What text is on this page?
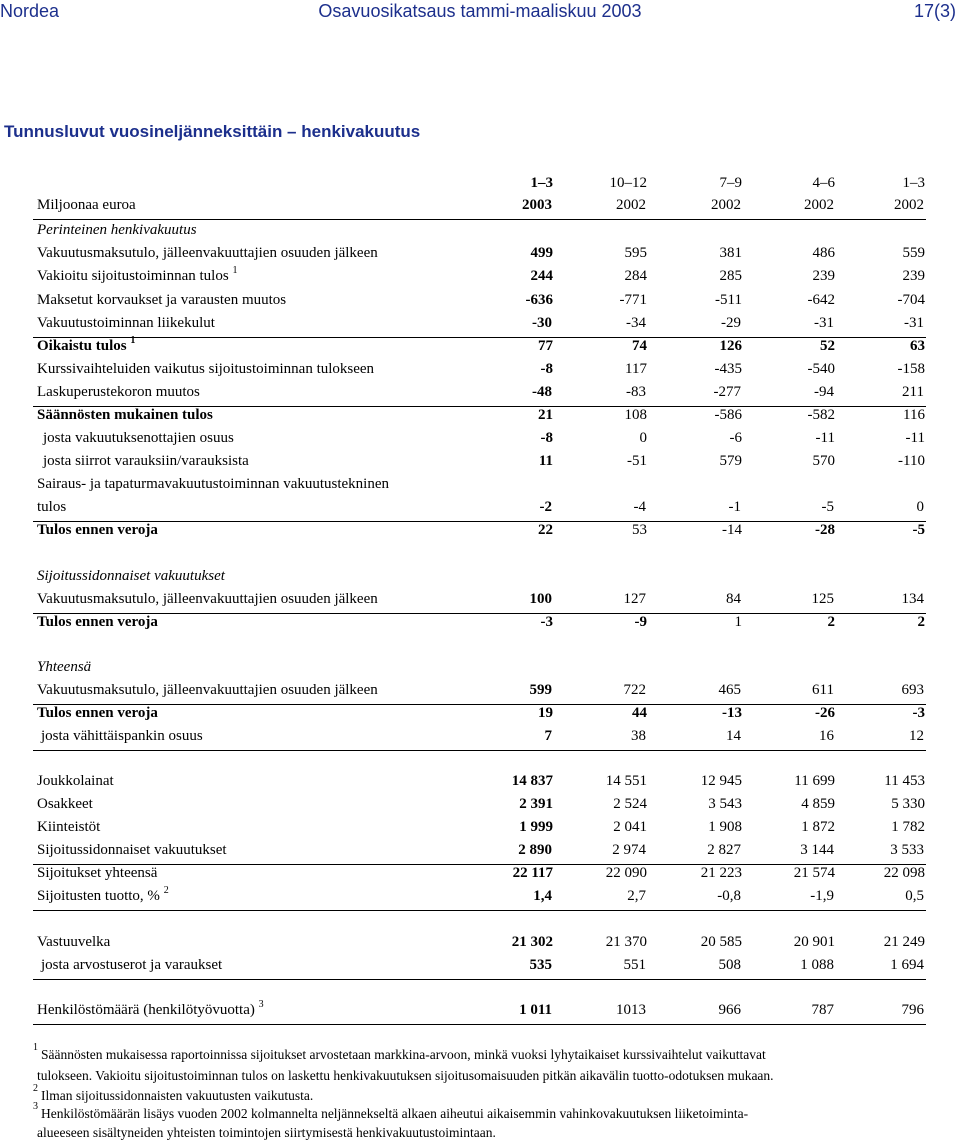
Nordea	Osavuosikatsaus tammi-maaliskuu 2003	17(3)
Tunnusluvut vuosineljänneksittäin – henkivakuutus
1–3	10–12	7–9	4–6	1–3
Miljoonaa euroa	2003	2002	2002	2002	2002
Perinteinen henkivakuutus
Vakuutusmaksutulo, jälleenvakuuttajien osuuden jälkeen	499	595	381	486	559
Vakioitu sijoitustoiminnan tulos $^1$	244	284	285	239	239
Maksetut korvaukset ja varausten muutos	-636	-771	-511	-642	-704
Vakuutustoiminnan liikekulut	-30	-34	-29	-31	-31
Oikaistu tulos $^1$	77	74	126	52	63
Kurssivaihteluiden vaikutus sijoitustoiminnan tulokseen	-8	117	-435	-540	-158
Laskuperustekoron muutos	-48	-83	-277	-94	211
Säännösten mukainen tulos	21	108	-586	-582	116
josta vakuutuksenottajien osuus	-8	0	-6	-11	-11
josta siirrot varauksiin/varauksista	11	-51	579	570	-110
Sairaus- ja tapaturmavakuutustoiminnan vakuutustekninen
tulos	-2	-4	-1	-5	0
Tulos ennen veroja	22	53	-14	-28	-5
Sijoitussidonnaiset vakuutukset
Vakuutusmaksutulo, jälleenvakuuttajien osuuden jälkeen	100	127	84	125	134
Tulos ennen veroja	-3	-9	1	2	2
Yhteensä
Vakuutusmaksutulo, jälleenvakuuttajien osuuden jälkeen	599	722	465	611	693
Tulos ennen veroja	19	44	-13	-26	-3
josta vähittäispankin osuus	7	38	14	16	12
Joukkolainat	14 837	14 551	12 945	11 699	11 453
Osakkeet	2 391	2 524	3 543	4 859	5 330
Kiinteistöt	1 999	2 041	1 908	1 872	1 782
Sijoitussidonnaiset vakuutukset	2 890	2 974	2 827	3 144	3 533
Sijoitukset yhteensä	22 117	22 090	21 223	21 574	22 098
Sijoitusten tuotto, % $^2$	1,4	2,7	-0,8	-1,9	0,5
Vastuuvelka	21 302	21 370	20 585	20 901	21 249
josta arvostuserot ja varaukset	535	551	508	1 088	1 694
Henkilöstömäärä (henkilötyövuotta) $^3$	1 011	1013	966	787	796
1 Säännösten mukaisessa raportoinnissa sijoitukset arvostetaan markkina-arvoon, minkä vuoksi lyhytaikaiset kurssivaihtelut vaikuttavat
tulokseen. Vakioitu sijoitustoiminnan tulos on laskettu henkivakuutuksen sijoitusomaisuuden pitkän aikavälin tuotto-odotuksen mukaan.
2 Ilman sijoitussidonnaisten vakuutusten vaikutusta.
3 Henkilöstömäärän lisäys vuoden 2002 kolmannelta neljännekseltä alkaen aiheutui aikaisemmin vahinkovakuutuksen liiketoiminta-
alueeseen sisältyneiden yhteisten toimintojen siirtymisestä henkivakuutustoimintaan.
